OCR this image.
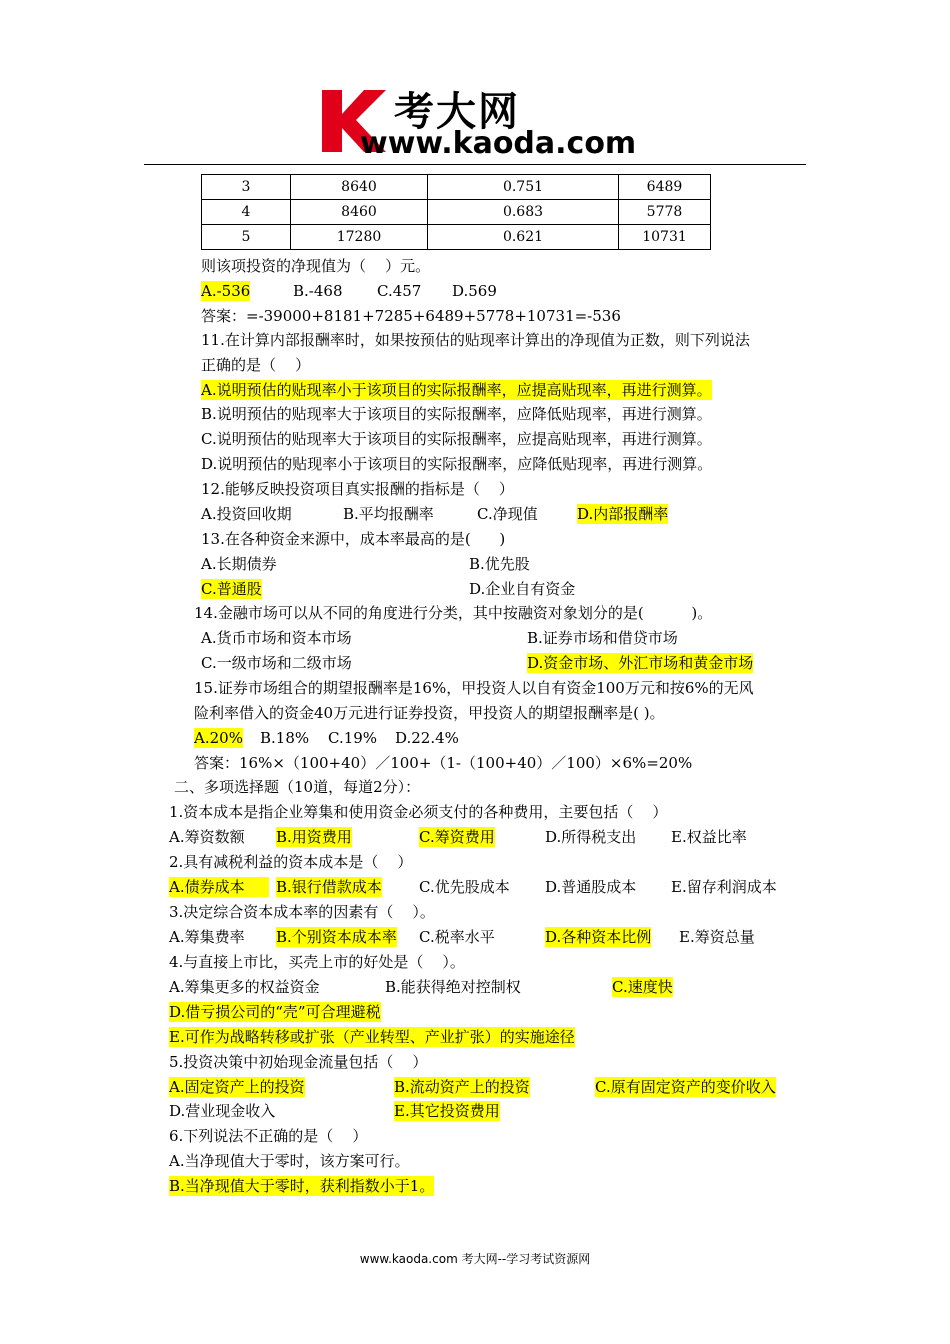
考大网
www.kaoda.com
3	8640	0.751	6489
4	8460	0.683	5778
5	17280	0.621	10731
则该项投资的净现值为（    ）元。
A.-536	B.-468 C.457 D.569
答案：=-39000+8181+7285+6489+5778+10731=-536
11.在计算内部报酬率时，如果按预估的贴现率计算出的净现值为正数，则下列说法
正确的是（    ）
A.说明预估的贴现率小于该项目的实际报酬率，应提高贴现率，再进行测算。
B.说明预估的贴现率大于该项目的实际报酬率，应降低贴现率，再进行测算。
C.说明预估的贴现率大于该项目的实际报酬率，应提高贴现率，再进行测算。
D.说明预估的贴现率小于该项目的实际报酬率，应降低贴现率，再进行测算。
12.能够反映投资项目真实报酬的指标是（    ）
A.投资回收期	B.平均报酬率	C.净现值	D.内部报酬率
13.在各种资金来源中，成本率最高的是(      )
A.长期债券	B.优先股
C.普通股	D.企业自有资金
14.金融市场可以从不同的角度进行分类，其中按融资对象划分的是(          )。
A.货币市场和资本市场	B.证券市场和借贷市场
C.一级市场和二级市场	D.资金市场、外汇市场和黄金市场
15.证券市场组合的期望报酬率是16%，甲投资人以自有资金100万元和按6%的无风
险利率借入的资金40万元进行证券投资，甲投资人的期望报酬率是( )。
A.20% B.18% C.19% D.22.4%
答案：16%×（100+40）／100+（1-（100+40）／100）×6%=20%
二、多项选择题（10道，每道2分）：
1.资本成本是指企业筹集和使用资金必须支付的各种费用，主要包括（    ）
A.筹资数额 B.用资费用	C.筹资费用	D.所得税支出 E.权益比率
2.具有减税利益的资本成本是（    ）
A.债券成本	B.银行借款成本 C.优先股成本 D.普通股成本 E.留存利润成本
3.决定综合资本成本率的因素有（    ）。
A.筹集费率 B.个别资本成本率 C.税率水平	D.各种资本比例 E.筹资总量
4.与直接上市比，买壳上市的好处是（    ）。
A.筹集更多的权益资金	B.能获得绝对控制权	C.速度快
D.借亏损公司的“壳”可合理避税
E.可作为战略转移或扩张（产业转型、产业扩张）的实施途径
5.投资决策中初始现金流量包括（    ）
A.固定资产上的投资	B.流动资产上的投资	C.原有固定资产的变价收入
D.营业现金收入	E.其它投资费用
6.下列说法不正确的是（    ）
A.当净现值大于零时，该方案可行。
B.当净现值大于零时，获利指数小于1。
www.kaoda.com 考大网--学习考试资源网
